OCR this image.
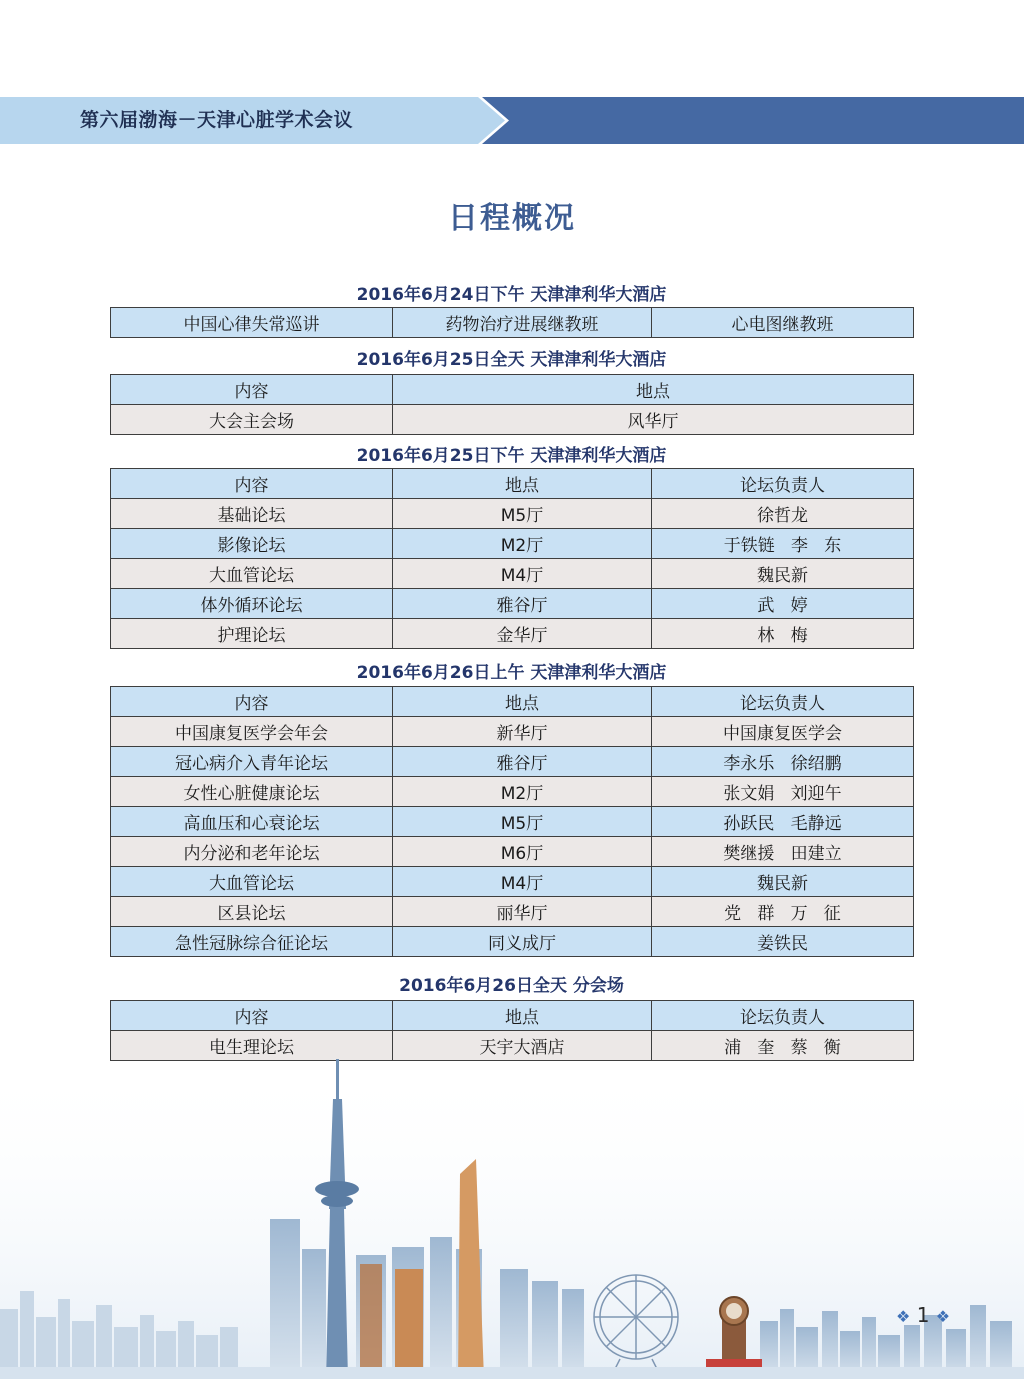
第六届渤海－天津心脏学术会议
日程概况
2016年6月24日下午 天津津利华大酒店
中国心律失常巡讲	药物治疗进展继教班	心电图继教班
2016年6月25日全天 天津津利华大酒店
内容	地点
大会主会场	风华厅
2016年6月25日下午 天津津利华大酒店
内容	地点	论坛负责人
基础论坛	M5厅	徐哲龙
影像论坛	M2厅	于铁链   李   东
大血管论坛	M4厅	魏民新
体外循环论坛	雅谷厅	武   婷
护理论坛	金华厅	林   梅
2016年6月26日上午 天津津利华大酒店
内容	地点	论坛负责人
中国康复医学会年会	新华厅	中国康复医学会
冠心病介入青年论坛	雅谷厅	李永乐   徐绍鹏
女性心脏健康论坛	M2厅	张文娟   刘迎午
高血压和心衰论坛	M5厅	孙跃民   毛静远
内分泌和老年论坛	M6厅	樊继援   田建立
大血管论坛	M4厅	魏民新
区县论坛	丽华厅	党   群   万   征
急性冠脉综合征论坛	同义成厅	姜铁民
2016年6月26日全天 分会场
内容	地点	论坛负责人
电生理论坛	天宇大酒店	浦   奎   蔡   衡
❖ 1 ❖
